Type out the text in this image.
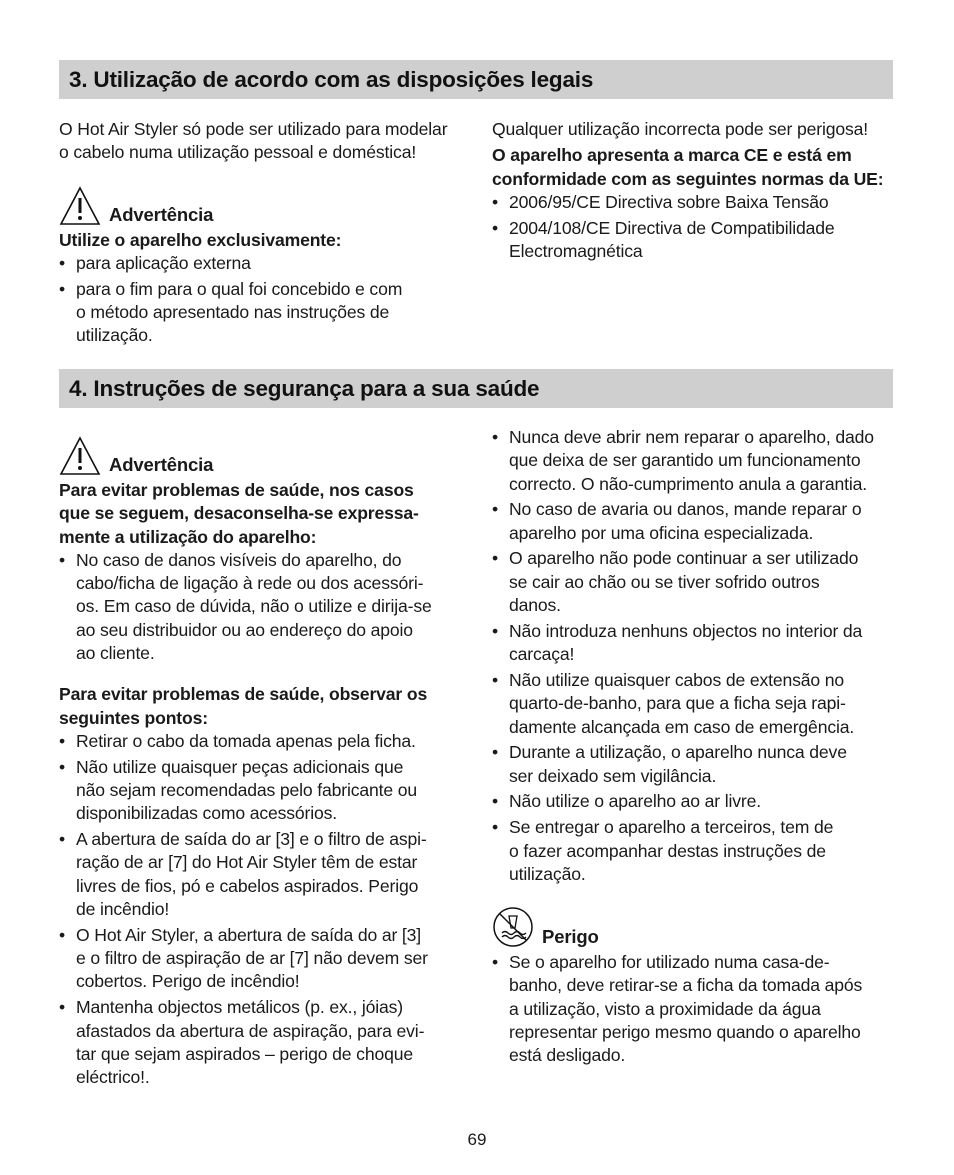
3. Utilização de acordo com as disposições legais

O Hot Air Styler só pode ser utilizado para modelar
o cabelo numa utilização pessoal e doméstica!

Advertência

Utilize o aparelho exclusivamente:

• para aplicação externa
• para o fim para o qual foi concebido e com
o método apresentado nas instruções de
utilização.

Qualquer utilização incorrecta pode ser perigosa!

O aparelho apresenta a marca CE e está em
conformidade com as seguintes normas da UE:

• 2006/95/CE Directiva sobre Baixa Tensão
• 2004/108/CE Directiva de Compatibilidade
Electromagnética
4. Instruções de segurança para a sua saúde
Advertência

Para evitar problemas de saúde, nos casos
que se seguem, desaconselha-se expressa-
mente a utilização do aparelho:

• No caso de danos visíveis do aparelho, do
cabo/ficha de ligação à rede ou dos acessóri-
os. Em caso de dúvida, não o utilize e dirija-se
ao seu distribuidor ou ao endereço do apoio
ao cliente.

Para evitar problemas de saúde, observar os
seguintes pontos:

• Retirar o cabo da tomada apenas pela ficha.
• Não utilize quaisquer peças adicionais que
não sejam recomendadas pelo fabricante ou
disponibilizadas como acessórios.
• A abertura de saída do ar [3] e o filtro de aspi-
ração de ar [7] do Hot Air Styler têm de estar
livres de fios, pó e cabelos aspirados. Perigo
de incêndio!
• O Hot Air Styler, a abertura de saída do ar [3]
e o filtro de aspiração de ar [7] não devem ser
cobertos. Perigo de incêndio!
• Mantenha objectos metálicos (p. ex., jóias)
afastados da abertura de aspiração, para evi-
tar que sejam aspirados – perigo de choque
eléctrico!.
• Nunca deve abrir nem reparar o aparelho, dado
que deixa de ser garantido um funcionamento
correcto. O não-cumprimento anula a garantia.
• No caso de avaria ou danos, mande reparar o
aparelho por uma oficina especializada.
• O aparelho não pode continuar a ser utilizado
se cair ao chão ou se tiver sofrido outros
danos.
• Não introduza nenhuns objectos no interior da
carcaça!
• Não utilize quaisquer cabos de extensão no
quarto-de-banho, para que a ficha seja rapi-
damente alcançada em caso de emergência.
• Durante a utilização, o aparelho nunca deve
ser deixado sem vigilância.
• Não utilize o aparelho ao ar livre.
• Se entregar o aparelho a terceiros, tem de
o fazer acompanhar destas instruções de
utilização.
Perigo
• Se o aparelho for utilizado numa casa-de-
banho, deve retirar-se a ficha da tomada após
a utilização, visto a proximidade da água
representar perigo mesmo quando o aparelho
está desligado.
69
